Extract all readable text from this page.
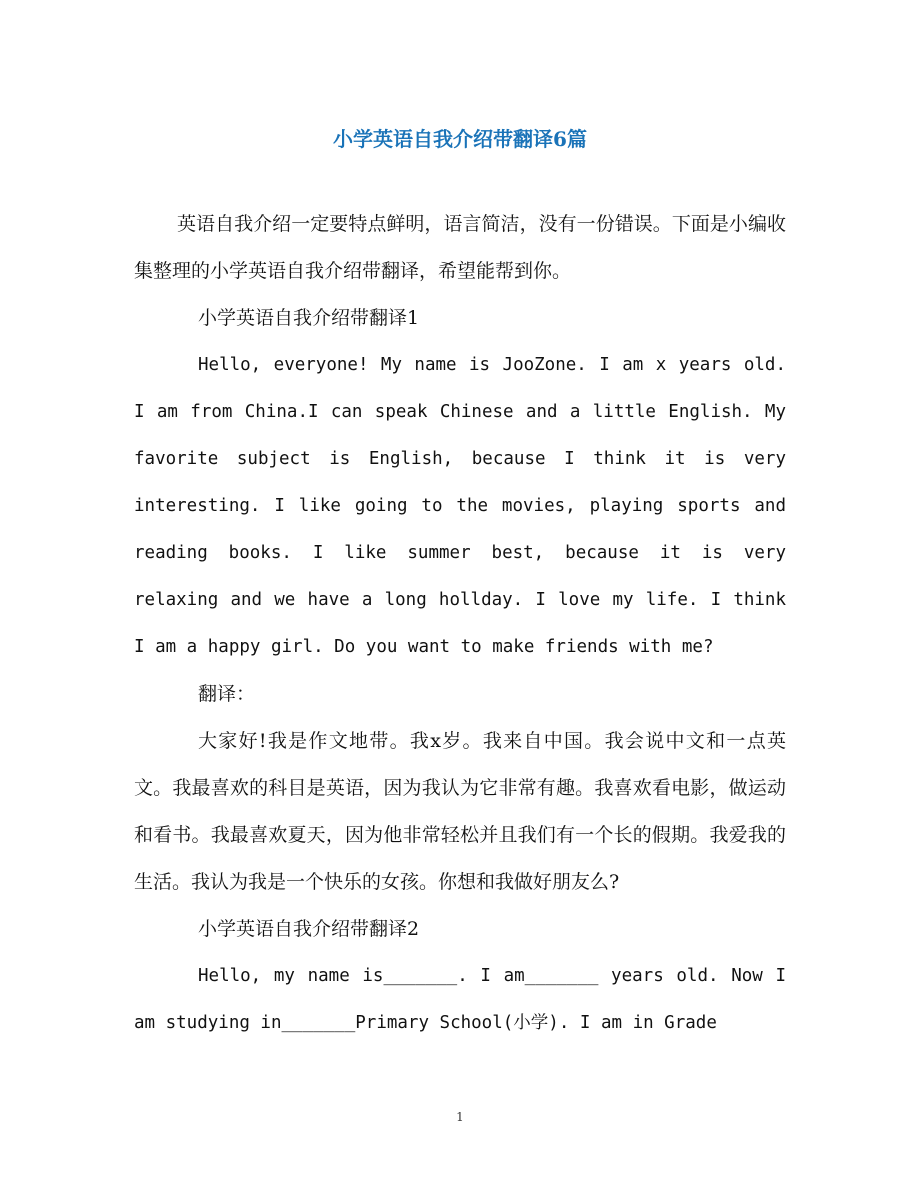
小学英语自我介绍带翻译6篇

英语自我介绍一定要特点鲜明，语言简洁，没有一份错误。下面是小编收集整理的小学英语自我介绍带翻译，希望能帮到你。

小学英语自我介绍带翻译1

Hello, everyone! My name is JooZone. I am x years old. I am from China.I can speak Chinese and a little English. My favorite subject is English, because I think it is very interesting. I like going to the movies, playing sports and reading books. I like summer best, because it is very relaxing and we have a long hollday. I love my life. I think I am a happy girl. Do you want to make friends with me?

翻译：

大家好!我是作文地带。我x岁。我来自中国。我会说中文和一点英文。我最喜欢的科目是英语，因为我认为它非常有趣。我喜欢看电影，做运动和看书。我最喜欢夏天，因为他非常轻松并且我们有一个长的假期。我爱我的生活。我认为我是一个快乐的女孩。你想和我做好朋友么?

小学英语自我介绍带翻译2

Hello, my name is_______. I am_______ years old. Now I am studying in_______Primary School(小学). I am in Grade

1
